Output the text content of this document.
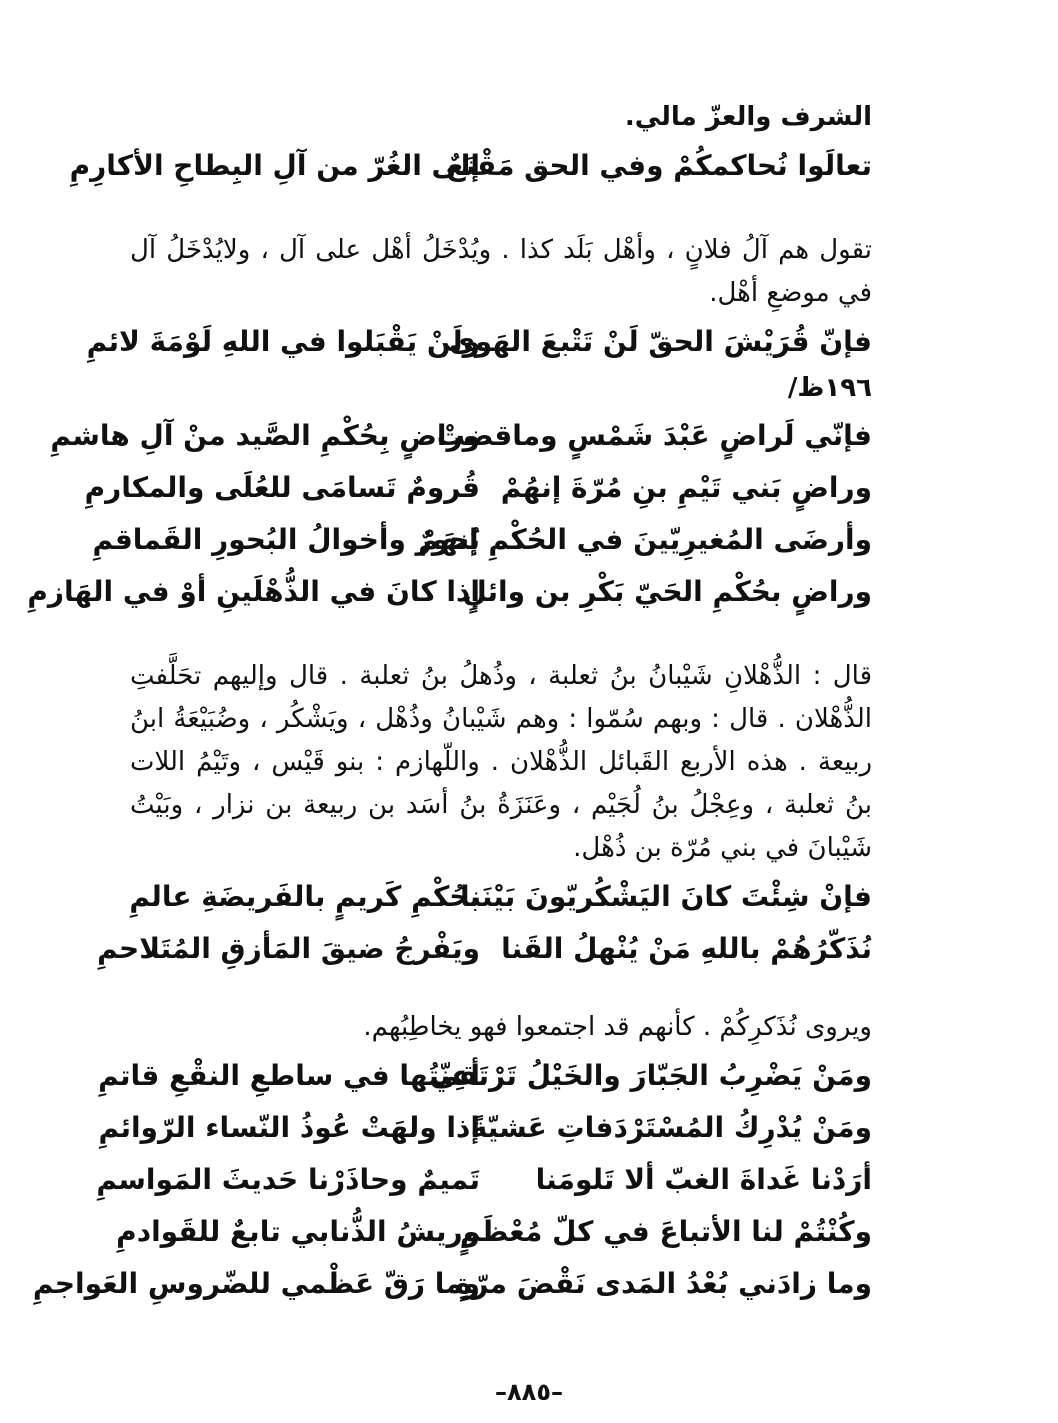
الشرف والعزّ مالي.

تعالَوا نُحاكمكُمْ وفي الحق مَقْنَعٌ
إلى الغُرّ من آلِ البِطاحِ الأكارِمِ

تقول هم آلُ فلانٍ ، وأهْل بَلَد كذا . ويُدْخَلُ أهْل على آل ، ولايُدْخَلُ آل في موضعِ أهْل.

فإنّ قُرَيْشَ الحقّ لَنْ تَتْبعَ الهَوى
ولَنْ يَقْبَلوا في اللهِ لَوْمَةَ لائمِ

١٩٦ظ/

فإنّي لَراضٍ عَبْدَ شَمْسٍ وماقضتْ
وراضٍ بِحُكْمِ الصَّيد منْ آلِ هاشمِ
وراضٍ بَني تَيْمِ بنِ مُرّةَ إنهُمْ
قُرومٌ تَسامَى للعُلَى والمكارمِ
وأرضَى المُغيرِيّينَ في الحُكْمِ إنهَمْ
بُحورٌ وأخوالُ البُحورِ القَماقمِ
وراضٍ بحُكْمِ الحَيّ بَكْرِ بن وائلٍ
إذا كانَ في الذُّهْلَينِ أوْ في الهَازمِ

قال : الذُّهْلانِ شَيْبانُ بنُ ثعلبة ، وذُهلُ بنُ ثعلبة . قال وإليهم تحَلَّفتِ الذُّهْلان . قال : وبهم سُمّوا : وهم شَيْبانُ وذُهْل ، ويَشْكُر ، وضُبَيْعَةُ ابنُ ربيعة . هذه الأربع القَبائل الذُّهْلان . واللّهازم : بنو قَيْس ، وتَيْمُ اللات بنُ ثعلبة ، وعِجْلُ بنُ لُجَيْم ، وعَنَزَةُ بنُ أسَد بن ربيعة بن نزار ، وبَيْتُ شَيْبانَ في بني مُرّة بن ذُهْل.

فإنْ شِئْتَ كانَ اليَشْكُريّونَ بَيْنَنا
بحُكْمِ كَريمٍ بالفَريضَةِ عالمِ
نُذَكّرُهُمْ باللهِ مَنْ يُنْهلُ القَنا
ويَفْرجُ ضيقَ المَأزقِ المُتَلاحمِ

ويروى نُذَكرِكُمْ . كأنهم قد اجتمعوا فهو يخاطِبُهم.

ومَنْ يَضْرِبُ الجَبّارَ والخَيْلُ تَرْتَقي
أعِنّتُها في ساطعِ النقْعِ قاتمِ
ومَنْ يُدْرِكُ المُسْتَرْدَفاتِ عَشيّةً
إذا ولهَتْ عُوذُ النّساء الرّوائمِ
أرَدْنا غَداةَ الغبّ ألا تَلومَنا
تَميمٌ وحاذَرْنا حَديثَ المَواسمِ
وكُنْتُمْ لنا الأتباعَ في كلّ مُعْظَمٍ
وريشُ الذُّنابي تابعٌ للقَوادمِ
وما زادَني بُعْدُ المَدى نَقْضَ مرّةٍ
وما رَقّ عَظْمي للضّروسِ العَواجمِ
–٨٨٥–
